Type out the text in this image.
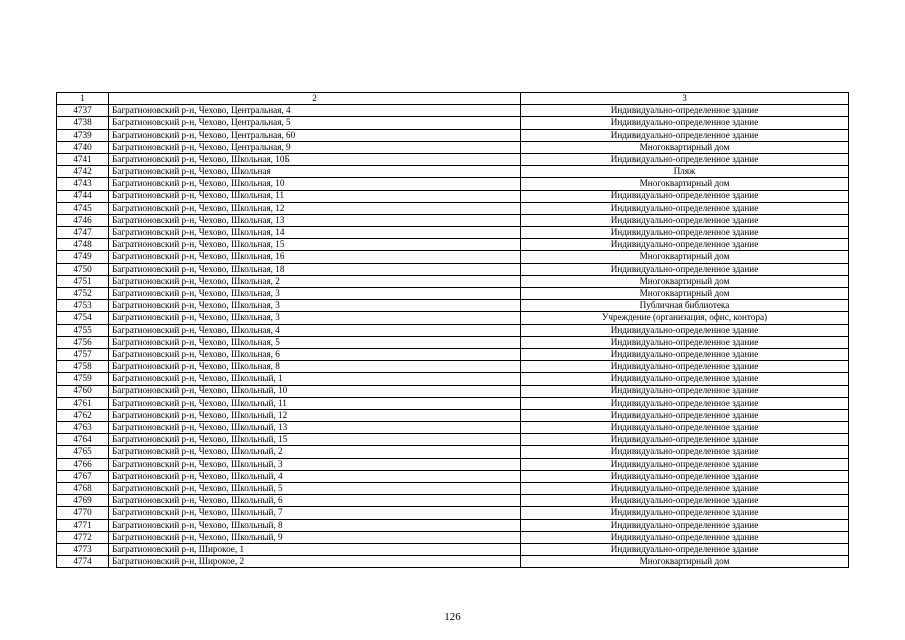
1	2	3
4737	Багратионовский р-н, Чехово, Центральная, 4	Индивидуально-определенное здание
4738	Багратионовский р-н, Чехово, Центральная, 5	Индивидуально-определенное здание
4739	Багратионовский р-н, Чехово, Центральная, 60	Индивидуально-определенное здание
4740	Багратионовский р-н, Чехово, Центральная, 9	Многоквартирный дом
4741	Багратионовский р-н, Чехово, Школьная, 10Б	Индивидуально-определенное здание
4742	Багратионовский р-н, Чехово, Школьная	Пляж
4743	Багратионовский р-н, Чехово, Школьная, 10	Многоквартирный дом
4744	Багратионовский р-н, Чехово, Школьная, 11	Индивидуально-определенное здание
4745	Багратионовский р-н, Чехово, Школьная, 12	Индивидуально-определенное здание
4746	Багратионовский р-н, Чехово, Школьная, 13	Индивидуально-определенное здание
4747	Багратионовский р-н, Чехово, Школьная, 14	Индивидуально-определенное здание
4748	Багратионовский р-н, Чехово, Школьная, 15	Индивидуально-определенное здание
4749	Багратионовский р-н, Чехово, Школьная, 16	Многоквартирный дом
4750	Багратионовский р-н, Чехово, Школьная, 18	Индивидуально-определенное здание
4751	Багратионовский р-н, Чехово, Школьная, 2	Многоквартирный дом
4752	Багратионовский р-н, Чехово, Школьная, 3	Многоквартирный дом
4753	Багратионовский р-н, Чехово, Школьная, 3	Публичная библиотека
4754	Багратионовский р-н, Чехово, Школьная, 3	Учреждение (организация, офис, контора)
4755	Багратионовский р-н, Чехово, Школьная, 4	Индивидуально-определенное здание
4756	Багратионовский р-н, Чехово, Школьная, 5	Индивидуально-определенное здание
4757	Багратионовский р-н, Чехово, Школьная, 6	Индивидуально-определенное здание
4758	Багратионовский р-н, Чехово, Школьная, 8	Индивидуально-определенное здание
4759	Багратионовский р-н, Чехово, Школьный, 1	Индивидуально-определенное здание
4760	Багратионовский р-н, Чехово, Школьный, 10	Индивидуально-определенное здание
4761	Багратионовский р-н, Чехово, Школьный, 11	Индивидуально-определенное здание
4762	Багратионовский р-н, Чехово, Школьный, 12	Индивидуально-определенное здание
4763	Багратионовский р-н, Чехово, Школьный, 13	Индивидуально-определенное здание
4764	Багратионовский р-н, Чехово, Школьный, 15	Индивидуально-определенное здание
4765	Багратионовский р-н, Чехово, Школьный, 2	Индивидуально-определенное здание
4766	Багратионовский р-н, Чехово, Школьный, 3	Индивидуально-определенное здание
4767	Багратионовский р-н, Чехово, Школьный, 4	Индивидуально-определенное здание
4768	Багратионовский р-н, Чехово, Школьный, 5	Индивидуально-определенное здание
4769	Багратионовский р-н, Чехово, Школьный, 6	Индивидуально-определенное здание
4770	Багратионовский р-н, Чехово, Школьный, 7	Индивидуально-определенное здание
4771	Багратионовский р-н, Чехово, Школьный, 8	Индивидуально-определенное здание
4772	Багратионовский р-н, Чехово, Школьный, 9	Индивидуально-определенное здание
4773	Багратионовский р-н, Широкое, 1	Индивидуально-определенное здание
4774	Багратионовский р-н, Широкое, 2	Многоквартирный дом
126
